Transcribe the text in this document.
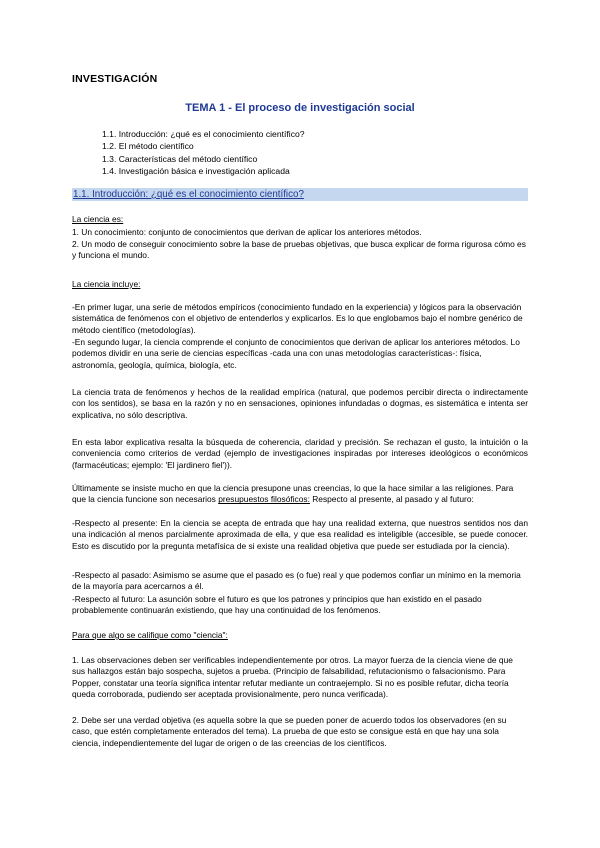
INVESTIGACIÓN
TEMA 1 - El proceso de investigación social
1.1. Introducción: ¿qué es el conocimiento científico?
1.2. El método científico
1.3. Características del método científico
1.4. Investigación básica e investigación aplicada
1.1. Introducción: ¿qué es el conocimiento científico?

La ciencia es:

1. Un conocimiento: conjunto de conocimientos que derivan de aplicar los anteriores métodos.

2. Un modo de conseguir conocimiento sobre la base de pruebas objetivas, que busca explicar de forma rigurosa cómo es y funciona el mundo.

La ciencia incluye:

-En primer lugar, una serie de métodos empíricos (conocimiento fundado en la experiencia) y lógicos para la observación sistemática de fenómenos con el objetivo de entenderlos y explicarlos. Es lo que englobamos bajo el nombre genérico de método científico (metodologías).

-En segundo lugar, la ciencia comprende el conjunto de conocimientos que derivan de aplicar los anteriores métodos. Lo podemos dividir en una serie de ciencias específicas -cada una con unas metodologías características-: física, astronomía, geología, química, biología, etc.

La ciencia trata de fenómenos y hechos de la realidad empírica (natural, que podemos percibir directa o indirectamente con los sentidos), se basa en la razón y no en sensaciones, opiniones infundadas o dogmas, es sistemática e intenta ser explicativa, no sólo descriptiva.

En esta labor explicativa resalta la búsqueda de coherencia, claridad y precisión. Se rechazan el gusto, la intuición o la conveniencia como criterios de verdad (ejemplo de investigaciones inspiradas por intereses ideológicos o económicos (farmacéuticas; ejemplo: 'El jardinero fiel')).

Últimamente se insiste mucho en que la ciencia presupone unas creencias, lo que la hace similar a las religiones. Para que la ciencia funcione son necesarios presupuestos filosóficos: Respecto al presente, al pasado y al futuro:

-Respecto al presente: En la ciencia se acepta de entrada que hay una realidad externa, que nuestros sentidos nos dan una indicación al menos parcialmente aproximada de ella, y que esa realidad es inteligible (accesible, se puede conocer. Esto es discutido por la pregunta metafísica de si existe una realidad objetiva que puede ser estudiada por la ciencia).

-Respecto al pasado: Asimismo se asume que el pasado es (o fue) real y que podemos confiar un mínimo en la memoria de la mayoría para acercarnos a él.

-Respecto al futuro: La asunción sobre el futuro es que los patrones y principios que han existido en el pasado probablemente continuarán existiendo, que hay una continuidad de los fenómenos.

Para que algo se califique como "ciencia":

1. Las observaciones deben ser verificables independientemente por otros. La mayor fuerza de la ciencia viene de que sus hallazgos están bajo sospecha, sujetos a prueba. (Principio de falsabilidad, refutacionismo o falsacionismo. Para Popper, constatar una teoría significa intentar refutar mediante un contraejemplo. Si no es posible refutar, dicha teoría queda corroborada, pudiendo ser aceptada provisionalmente, pero nunca verificada).

2. Debe ser una verdad objetiva (es aquella sobre la que se pueden poner de acuerdo todos los observadores (en su caso, que estén completamente enterados del tema). La prueba de que esto se consigue está en que hay una sola ciencia, independientemente del lugar de origen o de las creencias de los científicos.
